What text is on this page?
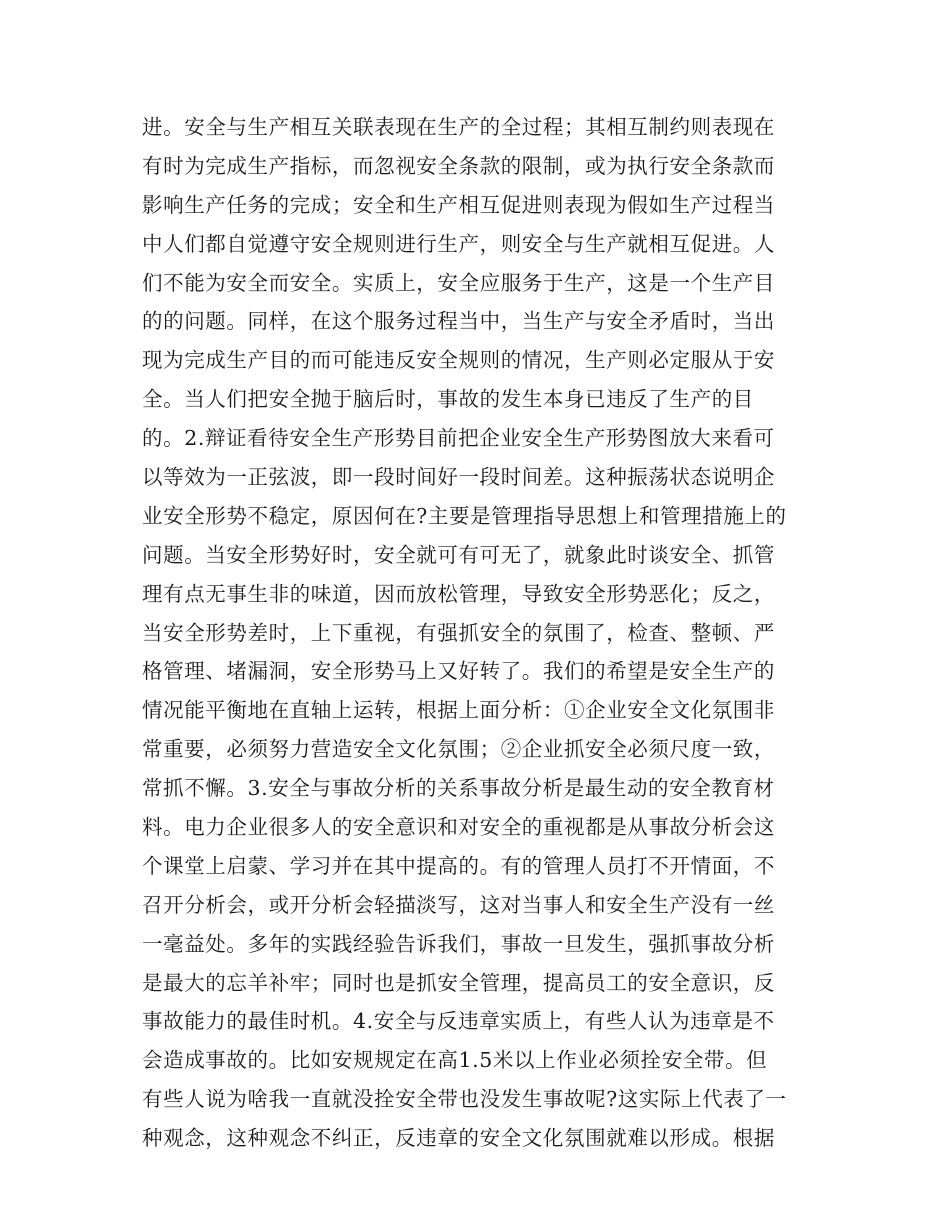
进。安全与生产相互关联表现在生产的全过程；其相互制约则表现在
有时为完成生产指标，而忽视安全条款的限制，或为执行安全条款而
影响生产任务的完成；安全和生产相互促进则表现为假如生产过程当
中人们都自觉遵守安全规则进行生产，则安全与生产就相互促进。人
们不能为安全而安全。实质上，安全应服务于生产，这是一个生产目
的的问题。同样，在这个服务过程当中，当生产与安全矛盾时，当出
现为完成生产目的而可能违反安全规则的情况，生产则必定服从于安
全。当人们把安全抛于脑后时，事故的发生本身已违反了生产的目
的。2.辩证看待安全生产形势目前把企业安全生产形势图放大来看可
以等效为一正弦波，即一段时间好一段时间差。这种振荡状态说明企
业安全形势不稳定，原因何在?主要是管理指导思想上和管理措施上的
问题。当安全形势好时，安全就可有可无了，就象此时谈安全、抓管
理有点无事生非的味道，因而放松管理，导致安全形势恶化；反之，
当安全形势差时，上下重视，有强抓安全的氛围了，检查、整顿、严
格管理、堵漏洞，安全形势马上又好转了。我们的希望是安全生产的
情况能平衡地在直轴上运转，根据上面分析：①企业安全文化氛围非
常重要，必须努力营造安全文化氛围；②企业抓安全必须尺度一致，
常抓不懈。3.安全与事故分析的关系事故分析是最生动的安全教育材
料。电力企业很多人的安全意识和对安全的重视都是从事故分析会这
个课堂上启蒙、学习并在其中提高的。有的管理人员打不开情面，不
召开分析会，或开分析会轻描淡写，这对当事人和安全生产没有一丝
一毫益处。多年的实践经验告诉我们，事故一旦发生，强抓事故分析
是最大的忘羊补牢；同时也是抓安全管理，提高员工的安全意识，反
事故能力的最佳时机。4.安全与反违章实质上，有些人认为违章是不
会造成事故的。比如安规规定在高1.5米以上作业必须拴安全带。但
有些人说为啥我一直就没拴安全带也没发生事故呢?这实际上代表了一
种观念，这种观念不纠正，反违章的安全文化氛围就难以形成。根据
